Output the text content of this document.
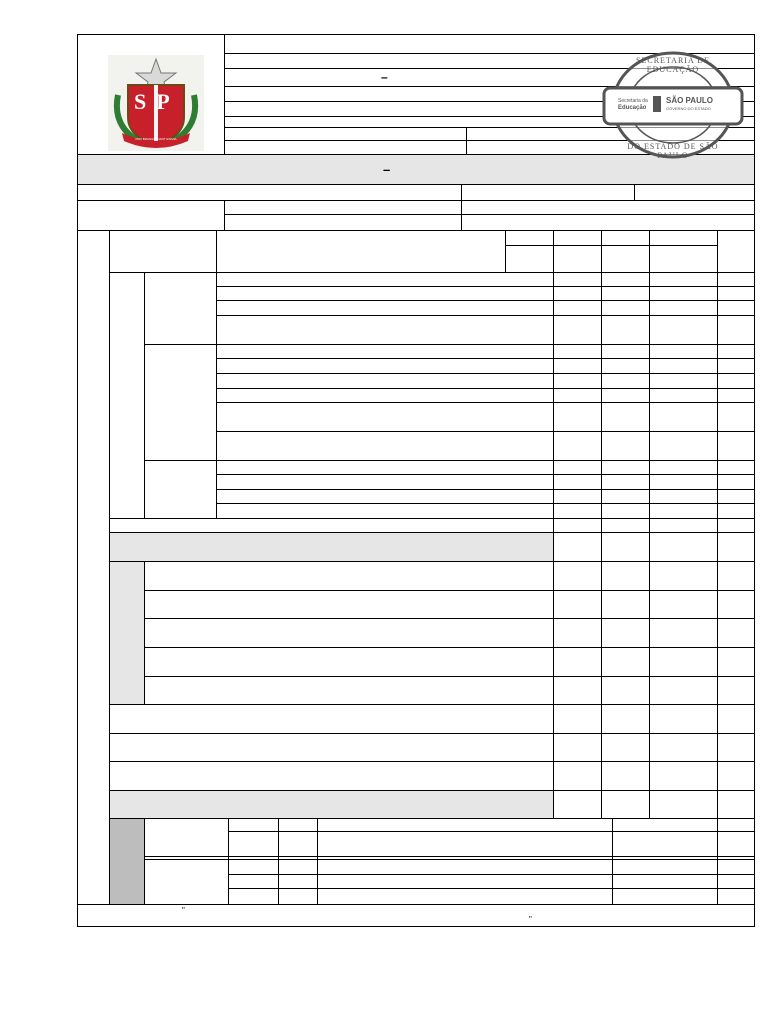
–
–
SP
PRO BRASILIA FIANT EXIMIA
SECRETARIA DE EDUCAÇÃO
DO ESTADO DE SÃO PAULO
Secretaria da
Educação
SÃO PAULO
GOVERNO DO ESTADO
"
"
